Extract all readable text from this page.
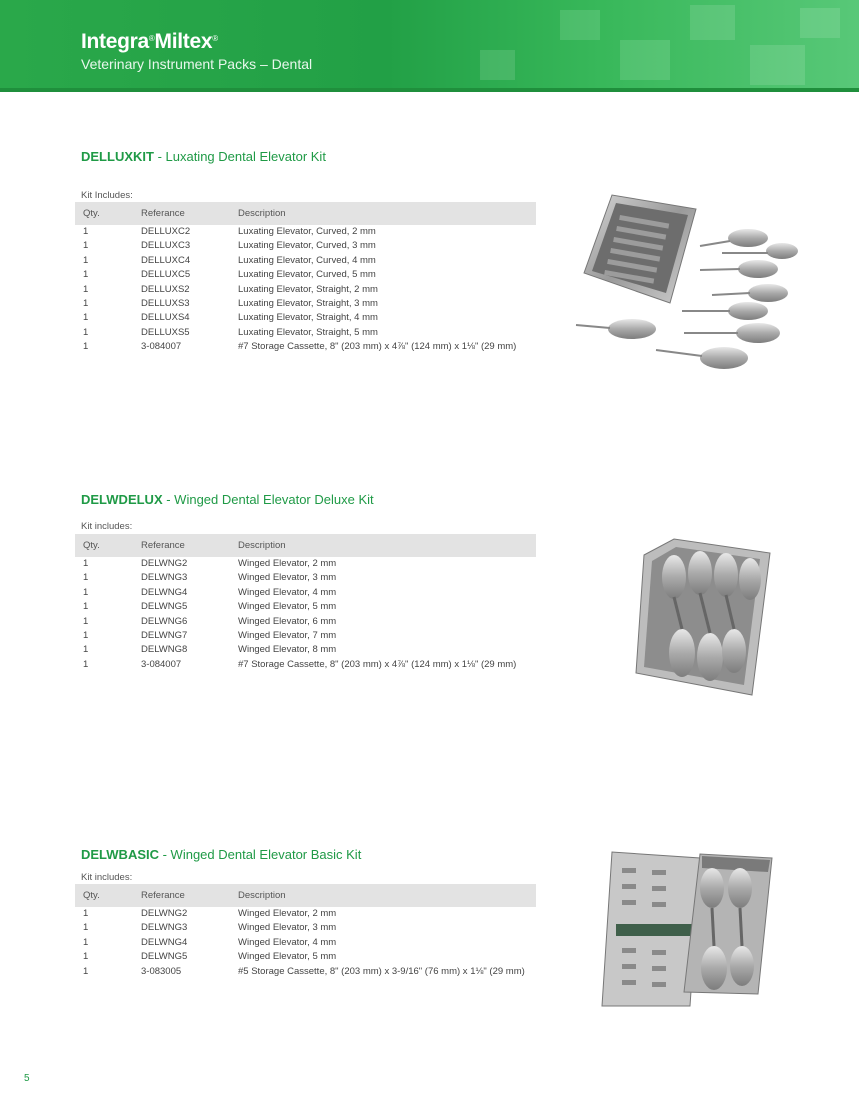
Integra®Miltex®
Veterinary Instrument Packs – Dental
DELLUXKIT - Luxating Dental Elevator Kit
Kit Includes:
Qty.	Referance	Description
1	DELLUXC2	Luxating Elevator, Curved, 2 mm
1	DELLUXC3	Luxating Elevator, Curved, 3 mm
1	DELLUXC4	Luxating Elevator, Curved, 4 mm
1	DELLUXC5	Luxating Elevator, Curved, 5 mm
1	DELLUXS2	Luxating Elevator, Straight, 2 mm
1	DELLUXS3	Luxating Elevator, Straight, 3 mm
1	DELLUXS4	Luxating Elevator, Straight, 4 mm
1	DELLUXS5	Luxating Elevator, Straight, 5 mm
1	3-084007	#7 Storage Cassette, 8" (203 mm) x 4⅞" (124 mm) x 1⅛" (29 mm)
DELWDELUX - Winged Dental Elevator Deluxe Kit
Kit includes:
Qty.	Referance	Description
1	DELWNG2	Winged Elevator, 2 mm
1	DELWNG3	Winged Elevator, 3 mm
1	DELWNG4	Winged Elevator, 4 mm
1	DELWNG5	Winged Elevator, 5 mm
1	DELWNG6	Winged Elevator, 6 mm
1	DELWNG7	Winged Elevator, 7 mm
1	DELWNG8	Winged Elevator, 8 mm
1	3-084007	#7 Storage Cassette, 8" (203 mm) x 4⅞" (124 mm) x 1⅛" (29 mm)
DELWBASIC - Winged Dental Elevator Basic Kit
Kit includes:
Qty.	Referance	Description
1	DELWNG2	Winged Elevator, 2 mm
1	DELWNG3	Winged Elevator, 3 mm
1	DELWNG4	Winged Elevator, 4 mm
1	DELWNG5	Winged Elevator, 5 mm
1	3-083005	#5 Storage Cassette, 8" (203 mm) x 3-9/16" (76 mm) x 1⅛" (29 mm)
5
